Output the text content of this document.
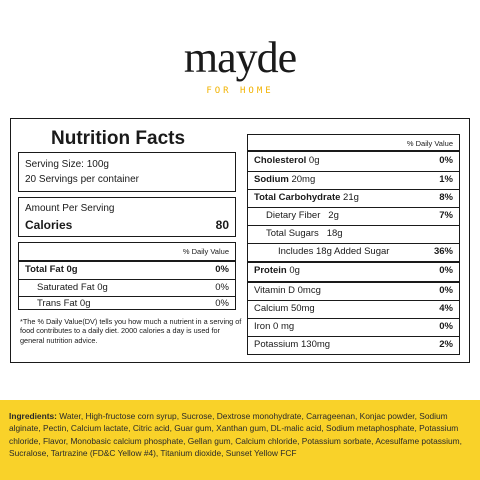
mayde
FOR HOME
Nutrition Facts
Serving Size: 100g
20 Servings per container
Amount Per Serving
Calories	80
% Daily Value
Total Fat 0g	0%
Saturated Fat 0g	0%
Trans Fat 0g	0%
*The % Daily Value(DV) tells you how much a nutrient in a serving of food contributes to a daily diet. 2000 calories a day is used for general nutrition advice.
% Daily Value
Cholesterol 0g	0%
Sodium 20mg	1%
Total Carbohydrate 21g	8%
Dietary Fiber 2g	7%
Total Sugars 18g
Includes 18g Added Sugar	36%
Protein 0g	0%
Vitamin D 0mcg	0%
Calcium 50mg	4%
Iron 0 mg	0%
Potassium 130mg	2%
Ingredients: Water, High-fructose corn syrup, Sucrose, Dextrose monohydrate, Carrageenan, Konjac powder, Sodium alginate, Pectin, Calcium lactate, Citric acid, Guar gum, Xanthan gum, DL-malic acid, Sodium metaphosphate, Potassium chloride, Flavor, Monobasic calcium phosphate, Gellan gum, Calcium chloride, Potassium sorbate, Acesulfame potassium, Sucralose, Tartrazine (FD&C Yellow #4), Titanium dioxide, Sunset Yellow FCF
